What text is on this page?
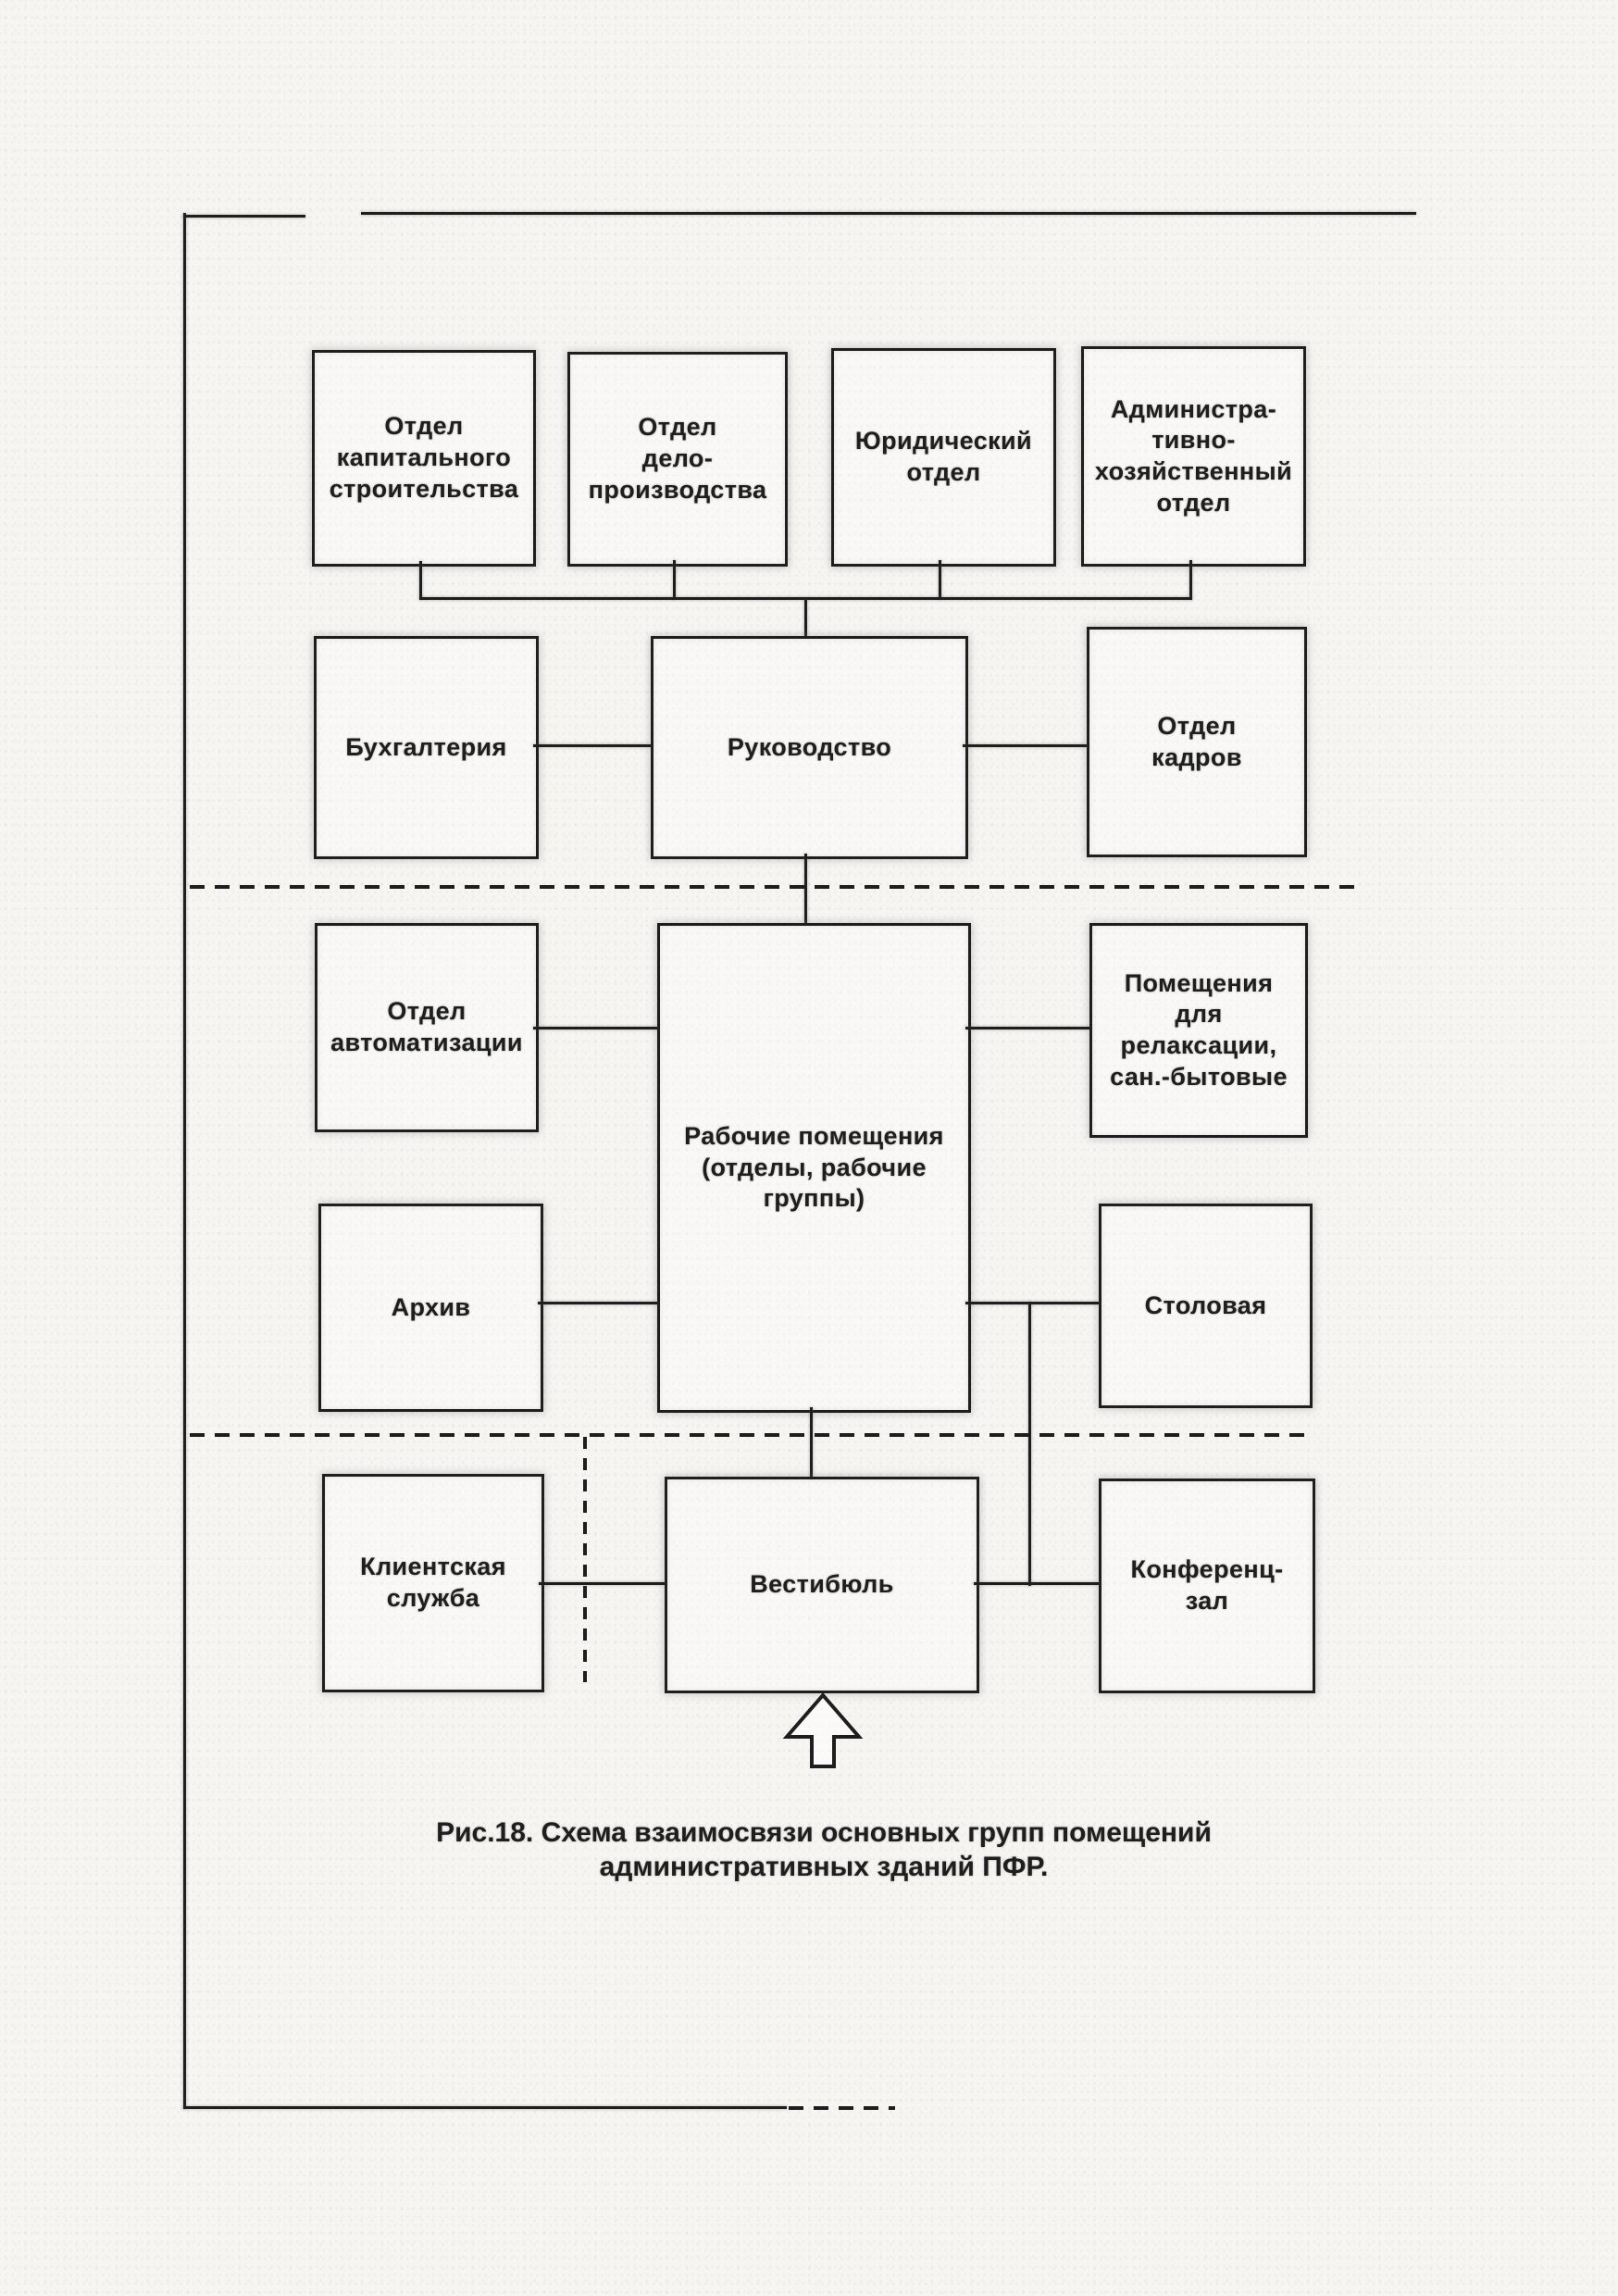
Отдел
капитального
строительства
Отдел
дело-
производства
Юридический
отдел
Администра-
тивно-
хозяйственный
отдел
Бухгалтерия	Руководство
Отдел
кадров
Отдел
автоматизации
Рабочие помещения
(отделы, рабочие
группы)
Помещения
для
релаксации,
сан.-бытовые
Архив	Столовая
Клиентская
служба	Вестибюль
Конференц-
зал
Рис.18. Схема взаимосвязи основных групп помещений
административных зданий ПФР.
